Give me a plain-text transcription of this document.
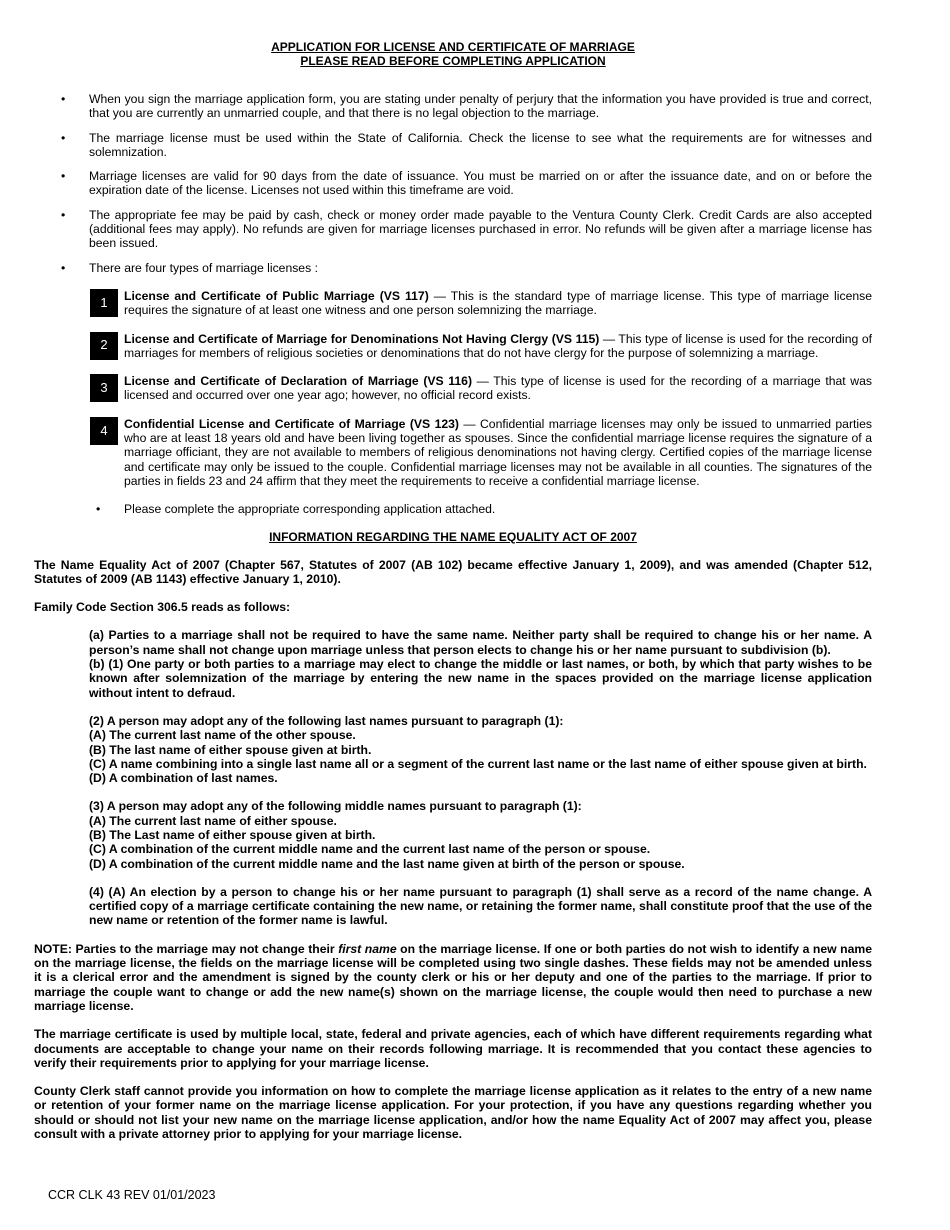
APPLICATION FOR LICENSE AND CERTIFICATE OF MARRIAGE
PLEASE READ BEFORE COMPLETING APPLICATION
• When you sign the marriage application form, you are stating under penalty of perjury that the information you have provided is true and correct, that you are currently an unmarried couple, and that there is no legal objection to the marriage.
• The marriage license must be used within the State of California. Check the license to see what the requirements are for witnesses and solemnization.
• Marriage licenses are valid for 90 days from the date of issuance. You must be married on or after the issuance date, and on or before the expiration date of the license. Licenses not used within this timeframe are void.
• The appropriate fee may be paid by cash, check or money order made payable to the Ventura County Clerk. Credit Cards are also accepted (additional fees may apply). No refunds are given for marriage licenses purchased in error. No refunds will be given after a marriage license has been issued.
• There are four types of marriage licenses :
1	License and Certificate of Public Marriage (VS 117) — This is the standard type of marriage license. This type of marriage license requires the signature of at least one witness and one person solemnizing the marriage.
2	License and Certificate of Marriage for Denominations Not Having Clergy (VS 115) — This type of license is used for the recording of marriages for members of religious societies or denominations that do not have clergy for the purpose of solemnizing a marriage.
3	License and Certificate of Declaration of Marriage (VS 116) — This type of license is used for the recording of a marriage that was licensed and occurred over one year ago; however, no official record exists.
4	Confidential License and Certificate of Marriage (VS 123) — Confidential marriage licenses may only be issued to unmarried parties who are at least 18 years old and have been living together as spouses. Since the confidential marriage license requires the signature of a marriage officiant, they are not available to members of religious denominations not having clergy. Certified copies of the marriage license and certificate may only be issued to the couple. Confidential marriage licenses may not be available in all counties. The signatures of the parties in fields 23 and 24 affirm that they meet the requirements to receive a confidential marriage license.
• Please complete the appropriate corresponding application attached.
INFORMATION REGARDING THE NAME EQUALITY ACT OF 2007

The Name Equality Act of 2007 (Chapter 567, Statutes of 2007 (AB 102) became effective January 1, 2009), and was amended (Chapter 512, Statutes of 2009 (AB 1143) effective January 1, 2010).

Family Code Section 306.5 reads as follows:

(a) Parties to a marriage shall not be required to have the same name. Neither party shall be required to change his or her name. A person’s name shall not change upon marriage unless that person elects to change his or her name pursuant to subdivision (b).

(b) (1) One party or both parties to a marriage may elect to change the middle or last names, or both, by which that party wishes to be known after solemnization of the marriage by entering the new name in the spaces provided on the marriage license application without intent to defraud.

(2) A person may adopt any of the following last names pursuant to paragraph (1):

(A) The current last name of the other spouse.

(B) The last name of either spouse given at birth.

(C) A name combining into a single last name all or a segment of the current last name or the last name of either spouse given at birth.

(D) A combination of last names.

(3) A person may adopt any of the following middle names pursuant to paragraph (1):

(A) The current last name of either spouse.

(B) The Last name of either spouse given at birth.

(C) A combination of the current middle name and the current last name of the person or spouse.

(D) A combination of the current middle name and the last name given at birth of the person or spouse.

(4) (A) An election by a person to change his or her name pursuant to paragraph (1) shall serve as a record of the name change. A certified copy of a marriage certificate containing the new name, or retaining the former name, shall constitute proof that the use of the new name or retention of the former name is lawful.

NOTE: Parties to the marriage may not change their first name on the marriage license. If one or both parties do not wish to identify a new name on the marriage license, the fields on the marriage license will be completed using two single dashes. These fields may not be amended unless it is a clerical error and the amendment is signed by the county clerk or his or her deputy and one of the parties to the marriage. If prior to marriage the couple want to change or add the new name(s) shown on the marriage license, the couple would then need to purchase a new marriage license.

The marriage certificate is used by multiple local, state, federal and private agencies, each of which have different requirements regarding what documents are acceptable to change your name on their records following marriage. It is recommended that you contact these agencies to verify their requirements prior to applying for your marriage license.

County Clerk staff cannot provide you information on how to complete the marriage license application as it relates to the entry of a new name or retention of your former name on the marriage license application. For your protection, if you have any questions regarding whether you should or should not list your new name on the marriage license application, and/or how the name Equality Act of 2007 may affect you, please consult with a private attorney prior to applying for your marriage license.

CCR CLK 43 REV 01/01/2023
